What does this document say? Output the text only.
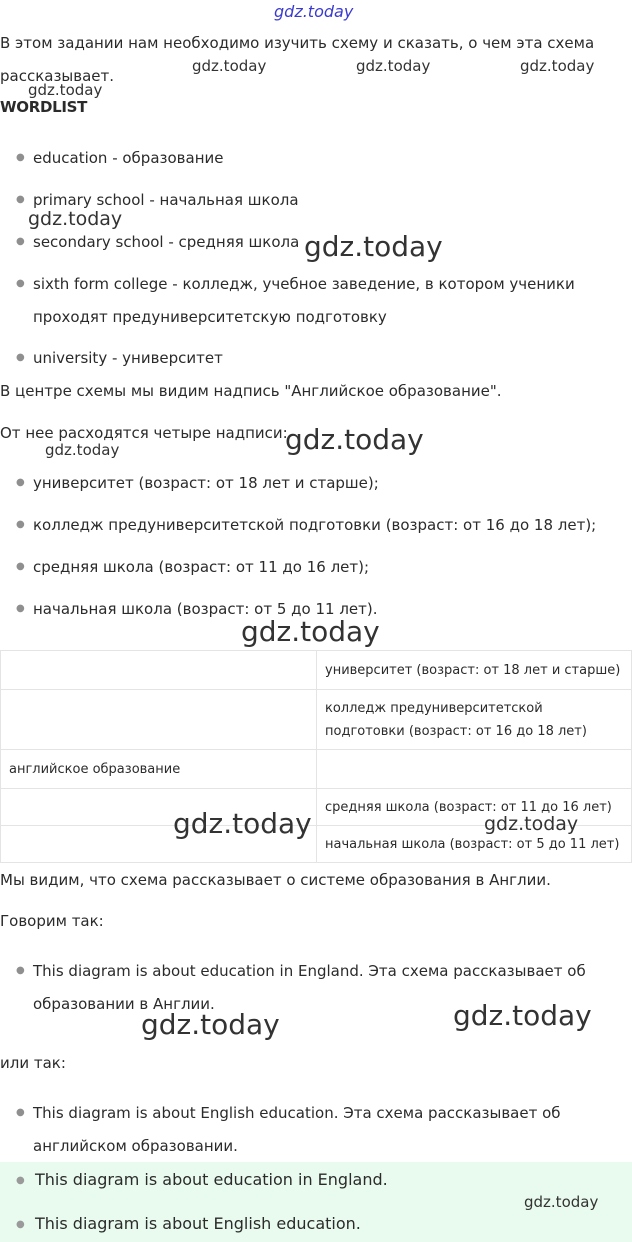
gdz.today

В этом задании нам необходимо изучить схему и сказать, о чем эта схема

рассказывает.

gdz.today	gdz.today	gdz.today
gdz.today
WORDLIST
● education - образование
● primary school - начальная школа
gdz.today
● secondary school - средняя школа gdz.today
● sixth form college - колледж, учебное заведение, в котором ученики
проходят предуниверситетскую подготовку
● university - университет

В центре схемы мы видим надпись "Английское образование".

От нее расходятся четыре надписи:

gdz.today
gdz.today
● университет (возраст: от 18 лет и старше);
● колледж предуниверситетской подготовки (возраст: от 16 до 18 лет);
● средняя школа (возраст: от 11 до 16 лет);
● начальная школа (возраст: от 5 до 11 лет).
gdz.today
	университет (возраст: от 18 лет и старше)
	колледж предуниверситетской
подготовки (возраст: от 16 до 18 лет)
английское образование	
	средняя школа (возраст: от 11 до 16 лет)
	начальная школа (возраст: от 5 до 11 лет)
gdz.today	gdz.today

Мы видим, что схема рассказывает о системе образования в Англии.

Говорим так:

● This diagram is about education in England. Эта схема рассказывает об
образовании в Англии.
gdz.today	gdz.today

или так:

● This diagram is about English education. Эта схема рассказывает об
английском образовании.
● This diagram is about education in England.
gdz.today
● This diagram is about English education.
